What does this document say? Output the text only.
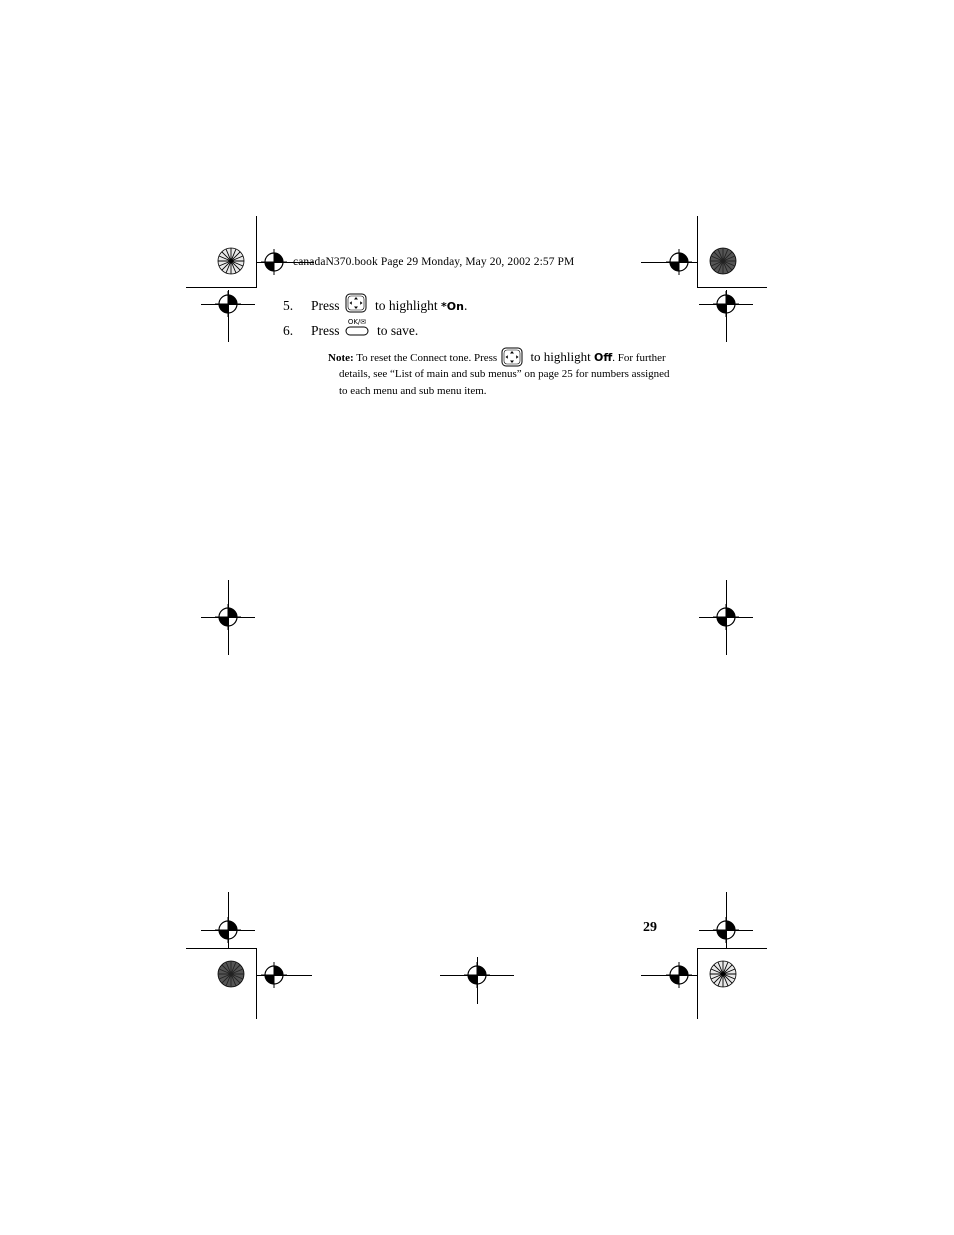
canadaN370.book Page 29 Monday, May 20, 2002 2:57 PM
5. Press	to highlight *On.
6. Press
OK/✉
to save.
Note: To reset the Connect tone. Press
to highlight Off. For further
details, see “List of main and sub menus” on page 25 for numbers assigned
to each menu and sub menu item.
29
